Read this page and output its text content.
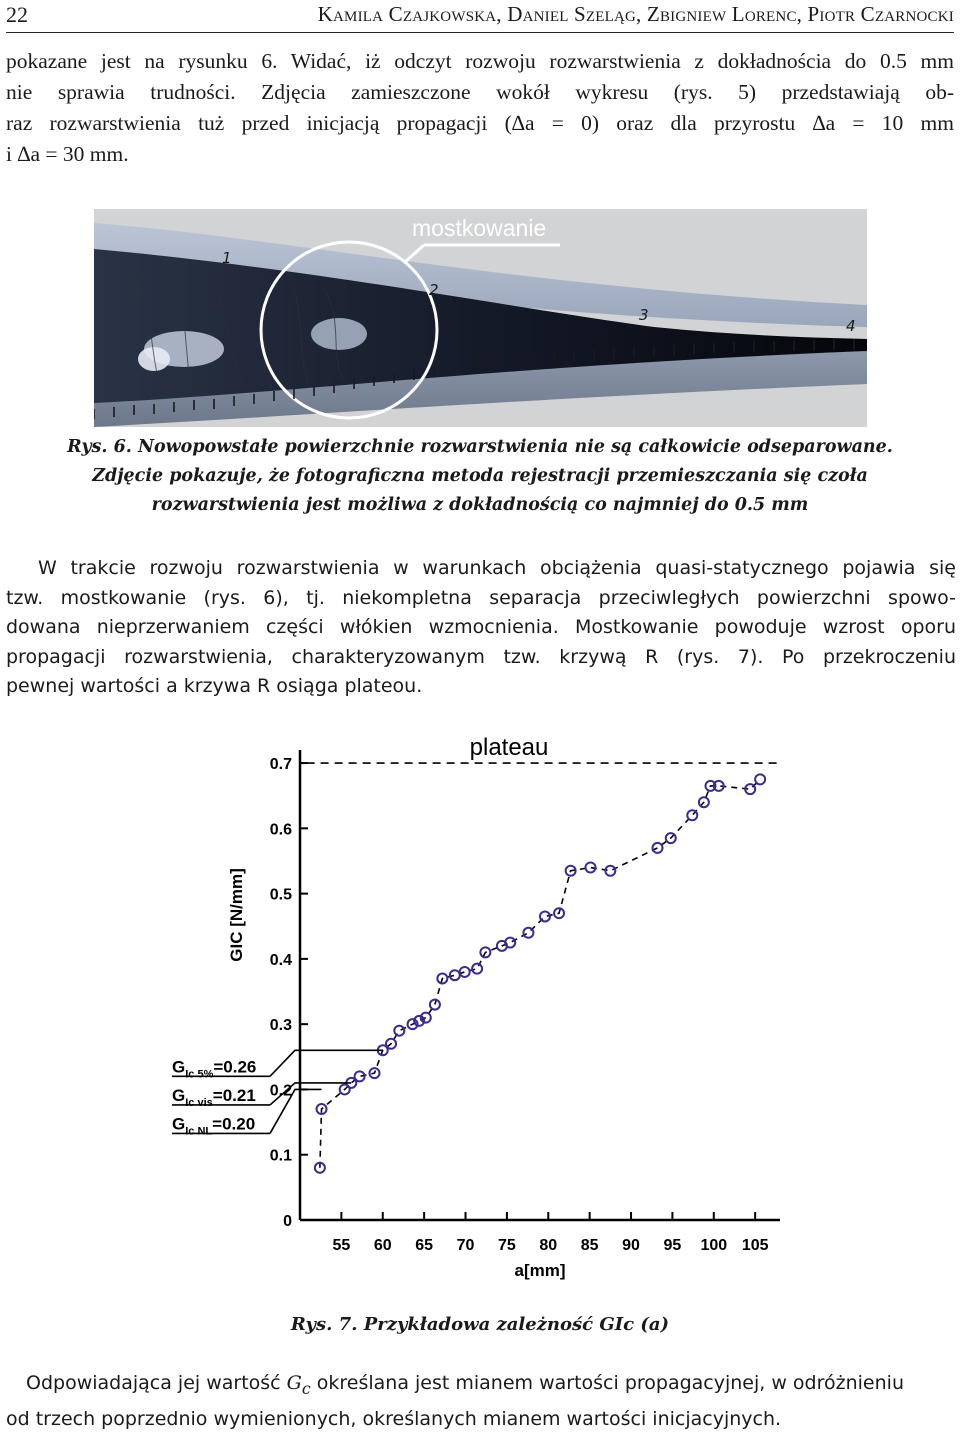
22	Kamila Czajkowska, Daniel Szeląg, Zbigniew Lorenc, Piotr Czarnocki
pokazane jest na rysunku 6. Widać, iż odczyt rozwoju rozwarstwienia z dokładnościa do 0.5 mm
nie sprawia trudności. Zdjęcia zamieszczone wokół wykresu (rys. 5) przedstawiają ob-
raz rozwarstwienia tuż przed inicjacją propagacji (∆a = 0) oraz dla przyrostu ∆a = 10 mm
i ∆a = 30 mm.
mostkowanie
1
2
3
4
Rys. 6. Nowopowstałe powierzchnie rozwarstwienia nie są całkowicie odseparowane.
Zdjęcie pokazuje, że fotograficzna metoda rejestracji przemieszczania się czoła
rozwarstwienia jest możliwa z dokładnością co najmniej do 0.5 mm
W trakcie rozwoju rozwarstwienia w warunkach obciążenia quasi-statycznego pojawia się
tzw. mostkowanie (rys. 6), tj. niekompletna separacja przeciwległych powierzchni spowo-
dowana nieprzerwaniem części włókien wzmocnienia. Mostkowanie powoduje wzrost oporu
propagacji rozwarstwienia, charakteryzowanym tzw. krzywą R (rys. 7). Po przekroczeniu
pewnej wartości a krzywa R osiąga plateou.
0
0.1
0.2
0.3
0.4
0.5
0.6
0.7
55 60 65 70 75 80 85 90 95 100 105
a[mm]
GIC [N/mm]
plateau
$G_{Ic 5\%}=0.26$
$G_{Ic vis}=0.21$
$G_{Ic NL}=0.20$
Rys. 7. Przykładowa zależność GIc (a)
Odpowiadająca jej wartość $G_c$ określana jest mianem wartości propagacyjnej, w odróżnieniu
od trzech poprzednio wymienionych, określanych mianem wartości inicjacyjnych.
